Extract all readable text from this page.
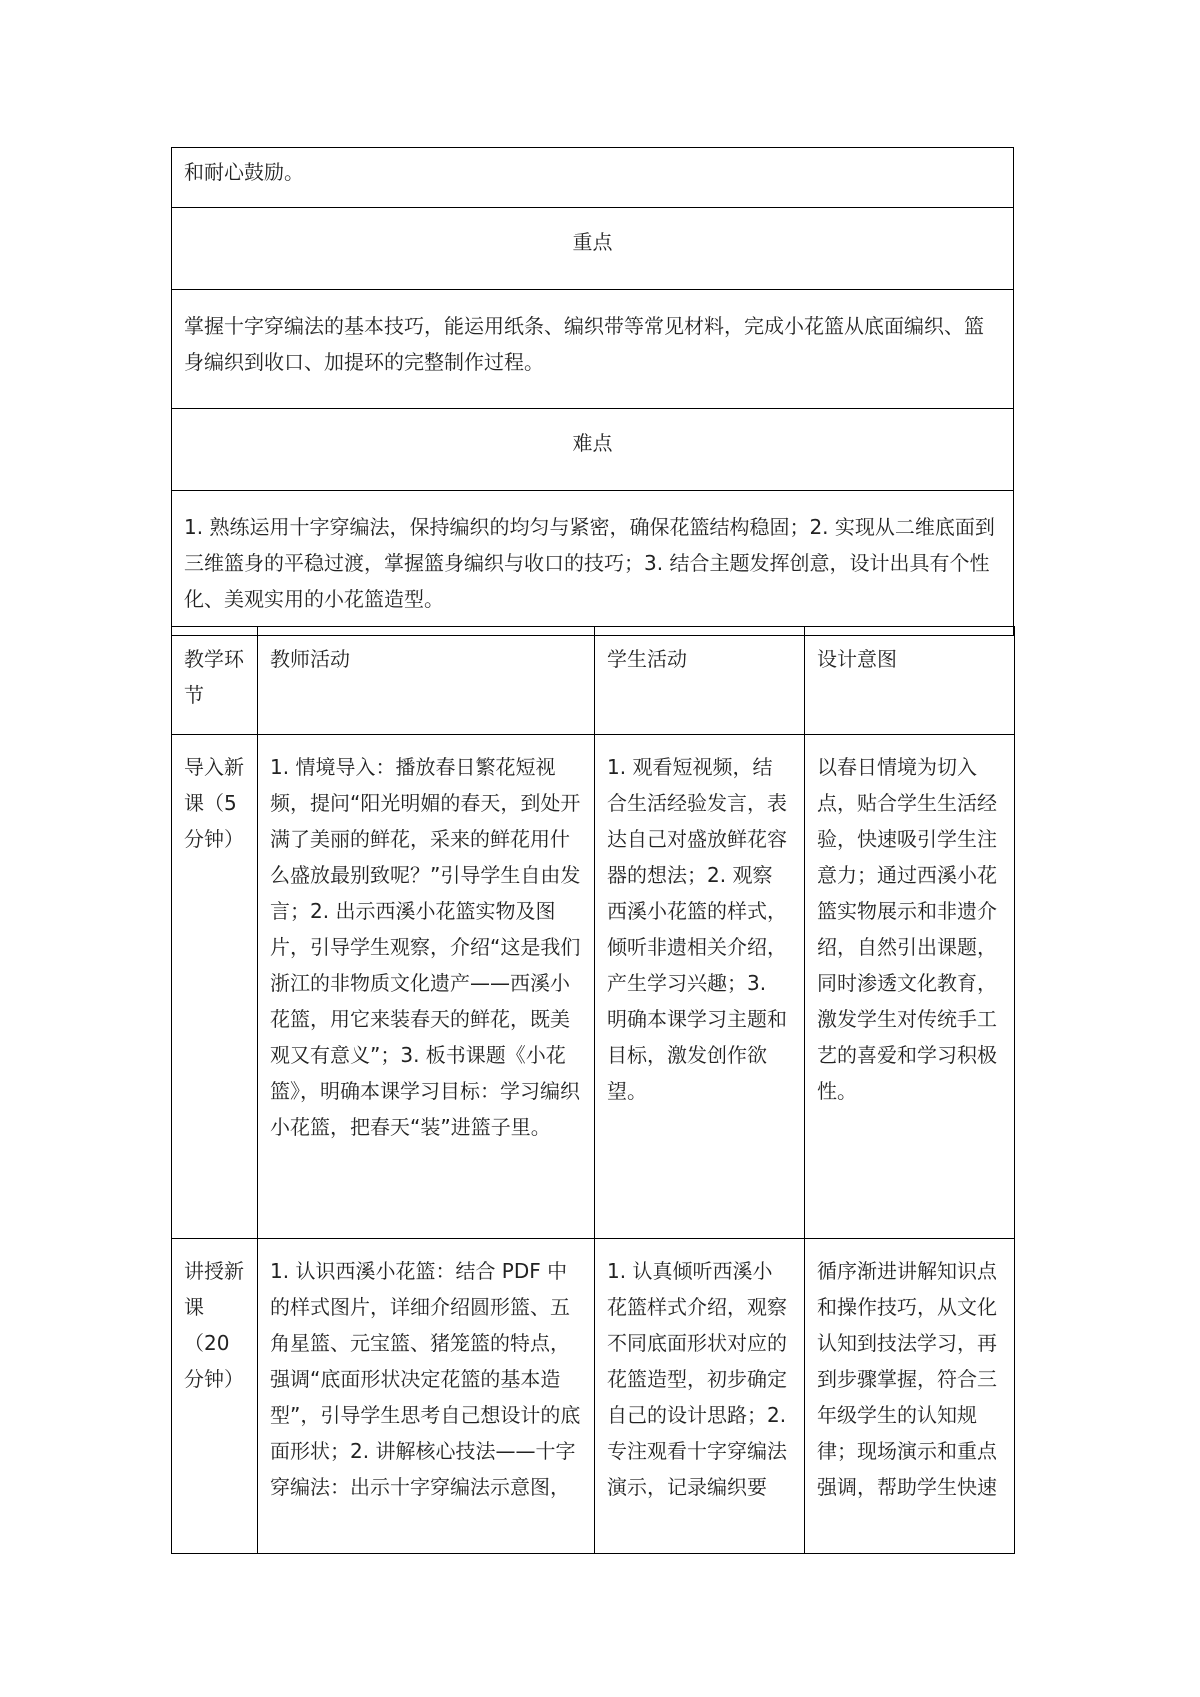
和耐心鼓励。
重点
掌握十字穿编法的基本技巧，能运用纸条、编织带等常见材料，完成小花篮从底面编织、篮身编织到收口、加提环的完整制作过程。
难点
1. 熟练运用十字穿编法，保持编织的均匀与紧密，确保花篮结构稳固；2. 实现从二维底面到三维篮身的平稳过渡，掌握篮身编织与收口的技巧；3. 结合主题发挥创意，设计出具有个性化、美观实用的小花篮造型。
教学环节	教师活动	学生活动	设计意图
导入新课（5分钟）	1. 情境导入：播放春日繁花短视频，提问“阳光明媚的春天，到处开满了美丽的鲜花，采来的鲜花用什么盛放最别致呢？”引导学生自由发言；2. 出示西溪小花篮实物及图片，引导学生观察，介绍“这是我们浙江的非物质文化遗产——西溪小花篮，用它来装春天的鲜花，既美观又有意义”；3. 板书课题《小花篮》，明确本课学习目标：学习编织小花篮，把春天“装”进篮子里。	1. 观看短视频，结合生活经验发言，表达自己对盛放鲜花容器的想法；2. 观察西溪小花篮的样式，倾听非遗相关介绍，产生学习兴趣；3. 明确本课学习主题和目标，激发创作欲望。	以春日情境为切入点，贴合学生生活经验，快速吸引学生注意力；通过西溪小花篮实物展示和非遗介绍，自然引出课题，同时渗透文化教育，激发学生对传统手工艺的喜爱和学习积极性。
讲授新课（20分钟）	1. 认识西溪小花篮：结合 PDF 中的样式图片，详细介绍圆形篮、五角星篮、元宝篮、猪笼篮的特点，强调“底面形状决定花篮的基本造型”，引导学生思考自己想设计的底面形状；2. 讲解核心技法——十字穿编法：出示十字穿编法示意图，	1. 认真倾听西溪小花篮样式介绍，观察不同底面形状对应的花篮造型，初步确定自己的设计思路；2. 专注观看十字穿编法演示，记录编织要	循序渐进讲解知识点和操作技巧，从文化认知到技法学习，再到步骤掌握，符合三年级学生的认知规律；现场演示和重点强调，帮助学生快速
